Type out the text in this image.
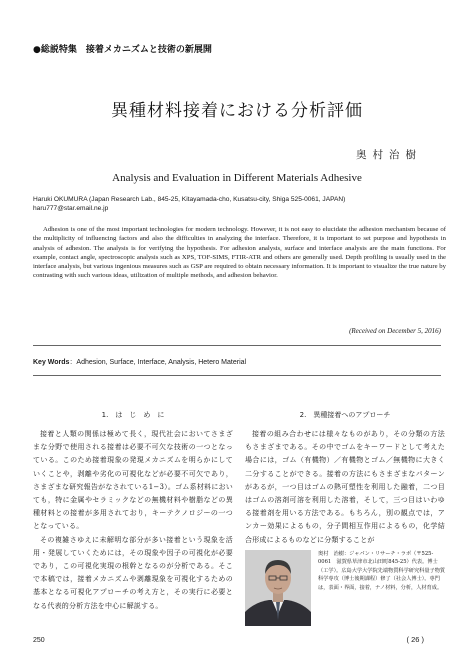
●総説特集　接着メカニズムと技術の新展開
異種材料接着における分析評価
奥村治樹
Analysis and Evaluation in Different Materials Adhesive
Haruki OKUMURA (Japan Research Lab., 845-25, Kitayamada-cho, Kusatsu-city, Shiga 525-0061, JAPAN)
haru777@star.email.ne.jp
Adhesion is one of the most important technologies for modern technology. However, it is not easy to elucidate the adhesion mechanism because of the multiplicity of influencing factors and also the difficulties in analyzing the interface. Therefore, it is important to set purpose and hypothesis in analysis of adhesion. The analysis is for verifying the hypothesis. For adhesion analysis, surface and interface analysis are the main functions. For example, contact angle, spectroscopic analysis such as XPS, TOF-SIMS, FTIR-ATR and others are generally used. Depth profiling is usually used in the interface analysis, but various ingenious measures such as GSP are required to obtain necessary information. It is important to visualize the true nature by contrasting with such various ideas, utilization of multiple methods, and adhesion behavior.
(Received on December 5, 2016)
Key Words：Adhesion, Surface, Interface, Analysis, Hetero Material
1.　は　じ　め　に

接着と人類の関係は極めて長く，現代社会においてさまざまな分野で使用される接着は必要不可欠な技術の一つとなっている。このため接着現象の発現メカニズムを明らかにしていくことや，剥離や劣化の可視化などが必要不可欠であり，さまざまな研究報告がなされている1−3）。ゴム系材料においても，特に金属やセラミックなどの無機材料や樹脂などの異種材料との接着が多用されており，キーテクノロジーの一つとなっている。

その複雑さゆえに未解明な部分が多い接着という現象を活用・発展していくためには，その現象や因子の可視化が必要であり，この可視化実現の根幹となるのが分析である。そこで本稿では，接着メカニズムや剥離現象を可視化するための基本となる可視化アプローチの考え方と，その実行に必要となる代表的分析方法を中心に解説する。

2.　異種接着へのアプローチ

接着の組み合わせには様々なものがあり，その分類の方法もさまざまである。その中でゴムをキーワードとして考えた場合には，ゴム（有機物）／有機物とゴム／無機物に大きく二分することができる。接着の方法にもさまざまなパターンがあるが，一つ目はゴムの熱可塑性を利用した融着，二つ目はゴムの溶剤可溶を利用した溶着，そして，三つ目はいわゆる接着剤を用いる方法である。もちろん，別の観点では，アンカー効果によるもの，分子間相互作用によるもの，化学結合形成によるものなどに分類することが

奥村　治樹：ジャパン・リサーチ・ラボ（〒525-0061　滋賀県草津市北山田町845-25）代表。博士（工学）。広島大学大学院先端物質科学研究科量子物質科学専攻（博士後期課程）修了（社会人博士）。専門は，表面・界面，接着，ナノ材料，分析，人材育成。
250	( 26 )
